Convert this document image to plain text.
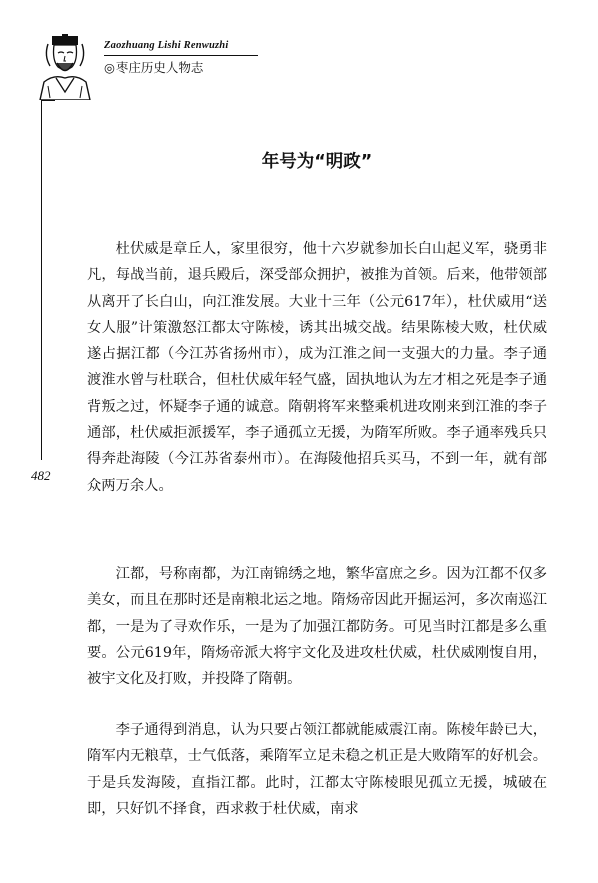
Zaozhuang Lishi Renwuzhi
◎枣庄历史人物志
482
年号为“明政”

杜伏威是章丘人，家里很穷，他十六岁就参加长白山起义军，骁勇非凡，每战当前，退兵殿后，深受部众拥护，被推为首领。后来，他带领部从离开了长白山，向江淮发展。大业十三年（公元617年），杜伏威用“送女人服”计策激怒江都太守陈棱，诱其出城交战。结果陈棱大败，杜伏威遂占据江都（今江苏省扬州市），成为江淮之间一支强大的力量。李子通渡淮水曾与杜联合，但杜伏威年轻气盛，固执地认为左才相之死是李子通背叛之过，怀疑李子通的诚意。隋朝将军来整乘机进攻刚来到江淮的李子通部，杜伏威拒派援军，李子通孤立无援，为隋军所败。李子通率残兵只得奔赴海陵（今江苏省泰州市）。在海陵他招兵买马，不到一年，就有部众两万余人。

江都，号称南都，为江南锦绣之地，繁华富庶之乡。因为江都不仅多美女，而且在那时还是南粮北运之地。隋炀帝因此开掘运河，多次南巡江都，一是为了寻欢作乐，一是为了加强江都防务。可见当时江都是多么重要。公元619年，隋炀帝派大将宇文化及进攻杜伏威，杜伏威刚愎自用，被宇文化及打败，并投降了隋朝。

李子通得到消息，认为只要占领江都就能威震江南。陈棱年龄已大，隋军内无粮草，士气低落，乘隋军立足未稳之机正是大败隋军的好机会。于是兵发海陵，直指江都。此时，江都太守陈棱眼见孤立无援，城破在即，只好饥不择食，西求救于杜伏威，南求
